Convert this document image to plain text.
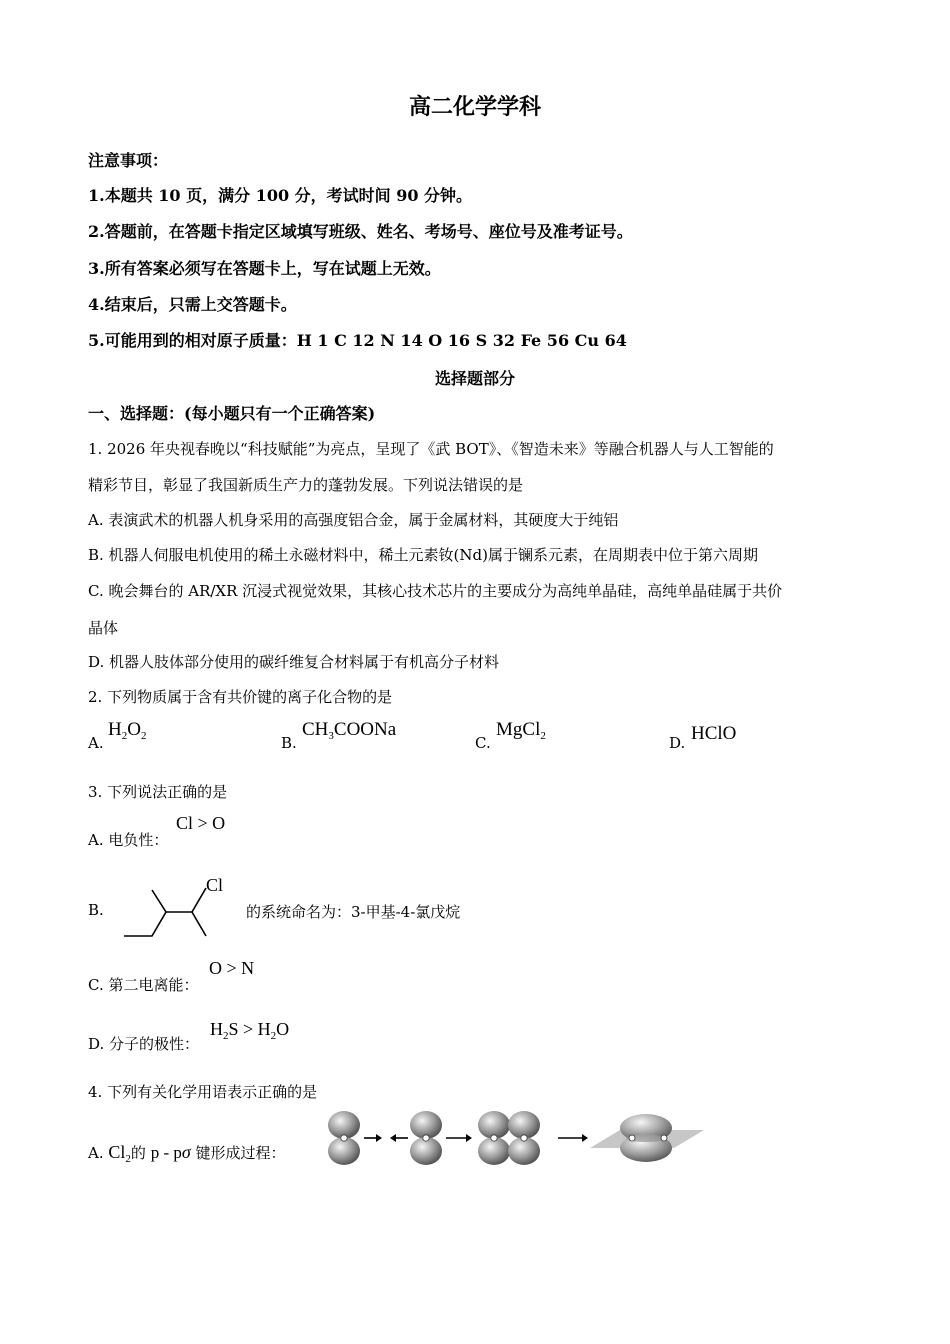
高二化学学科
注意事项：
1.本题共 10 页，满分 100 分，考试时间 90 分钟。
2.答题前，在答题卡指定区域填写班级、姓名、考场号、座位号及准考证号。
3.所有答案必须写在答题卡上，写在试题上无效。
4.结束后，只需上交答题卡。
5.可能用到的相对原子质量：H 1 C 12 N 14 O 16 S 32 Fe 56 Cu 64
选择题部分
一、选择题：(每小题只有一个正确答案)
1. 2026 年央视春晚以“科技赋能”为亮点，呈现了《武 BOT》、《智造未来》等融合机器人与人工智能的
精彩节目，彰显了我国新质生产力的蓬勃发展。下列说法错误的是
A. 表演武术的机器人机身采用的高强度铝合金，属于金属材料，其硬度大于纯铝
B. 机器人伺服电机使用的稀土永磁材料中，稀土元素钕(Nd)属于镧系元素，在周期表中位于第六周期
C. 晚会舞台的 AR/XR 沉浸式视觉效果，其核心技术芯片的主要成分为高纯单晶硅，高纯单晶硅属于共价
晶体
D. 机器人肢体部分使用的碳纤维复合材料属于有机高分子材料
2. 下列物质属于含有共价键的离子化合物的是
A.
$H_2O_2$	B.
$CH_3COONa$
C.
MgCl$_2$	D. HClO
3. 下列说法正确的是
A. 电负性：
Cl > O
B.
Cl
的系统命名为：3-甲基-4-氯戊烷
C. 第二电离能：
O > N
D. 分子的极性：
$H_2S > H_2O$
4. 下列有关化学用语表示正确的是
A. $Cl_2$的 p - pσ 键形成过程：
